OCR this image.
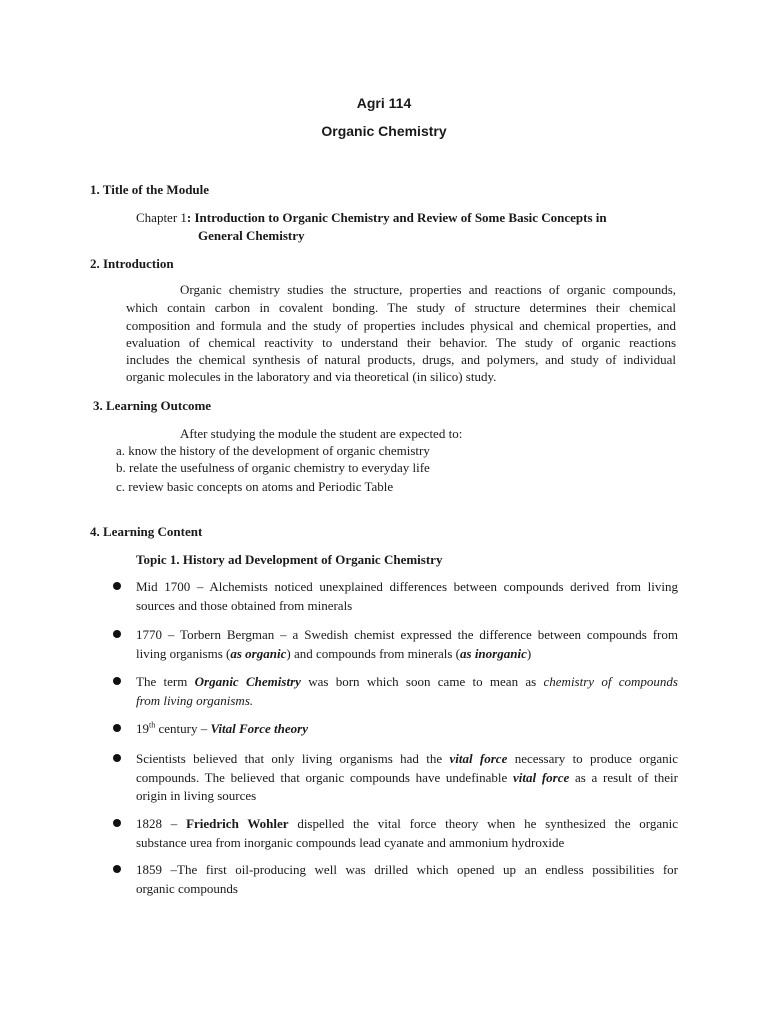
Agri 114
Organic Chemistry
1. Title of the Module
Chapter 1: Introduction to Organic Chemistry and Review of Some Basic Concepts in
General Chemistry
2. Introduction
Organic chemistry studies the structure, properties and reactions of organic compounds,
which contain carbon in covalent bonding. The study of structure determines their chemical
composition and formula and the study of properties includes physical and chemical properties, and
evaluation of chemical reactivity to understand their behavior. The study of organic reactions
includes the chemical synthesis of natural products, drugs, and polymers, and study of individual
organic molecules in the laboratory and via theoretical (in silico) study.
3. Learning Outcome
After studying the module the student are expected to:
a. know the history of the development of organic chemistry
b. relate the usefulness of organic chemistry to everyday life
c. review basic concepts on atoms and Periodic Table
4. Learning Content
Topic 1. History ad Development of Organic Chemistry
Mid 1700 – Alchemists noticed unexplained differences between compounds derived from living
sources and those obtained from minerals
1770 – Torbern Bergman – a Swedish chemist expressed the difference between compounds from
living organisms (as organic) and compounds from minerals (as inorganic)
The term Organic Chemistry was born which soon came to mean as chemistry of compounds
from living organisms.
19th century – Vital Force theory
Scientists believed that only living organisms had the vital force necessary to produce organic
compounds. The believed that organic compounds have undefinable vital force as a result of their
origin in living sources
1828 – Friedrich Wohler dispelled the vital force theory when he synthesized the organic
substance urea from inorganic compounds lead cyanate and ammonium hydroxide
1859 –The first oil-producing well was drilled which opened up an endless possibilities for
organic compounds
